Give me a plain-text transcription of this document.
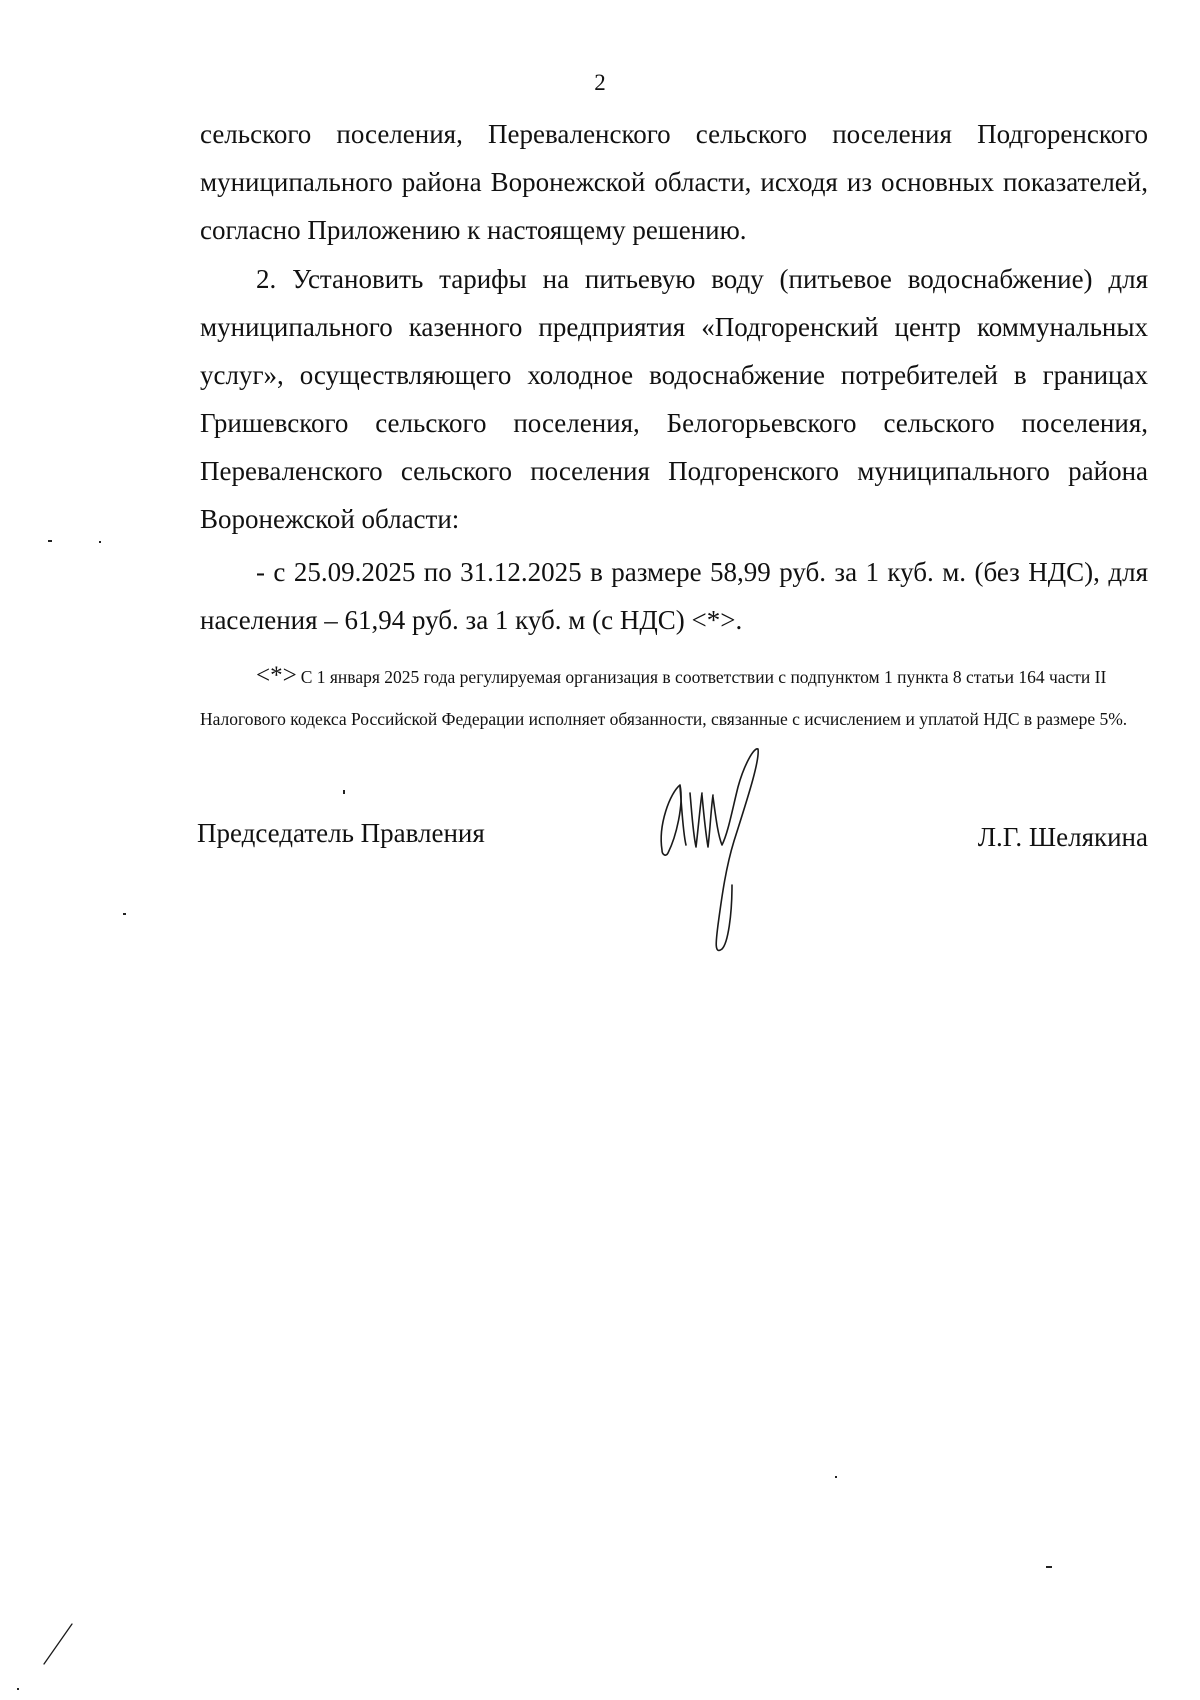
2

сельского поселения, Переваленского сельского поселения Подгоренского муниципального района Воронежской области, исходя из основных показателей, согласно Приложению к настоящему решению.

2. Установить тарифы на питьевую воду (питьевое водоснабжение) для муниципального казенного предприятия «Подгоренский центр коммунальных услуг», осуществляющего холодное водоснабжение потребителей в границах Гришевского сельского поселения, Белогорьевского сельского поселения, Переваленского сельского поселения Подгоренского муниципального района Воронежской области:

- с 25.09.2025 по 31.12.2025 в размере 58,99 руб. за 1 куб. м. (без НДС), для населения – 61,94 руб. за 1 куб. м (с НДС) <*>.

<*> С 1 января 2025 года регулируемая организация в соответствии с подпунктом 1 пункта 8 статьи 164 части II Налогового кодекса Российской Федерации исполняет обязанности, связанные с исчислением и уплатой НДС в размере 5%.

Председатель Правления	Л.Г. Шелякина
